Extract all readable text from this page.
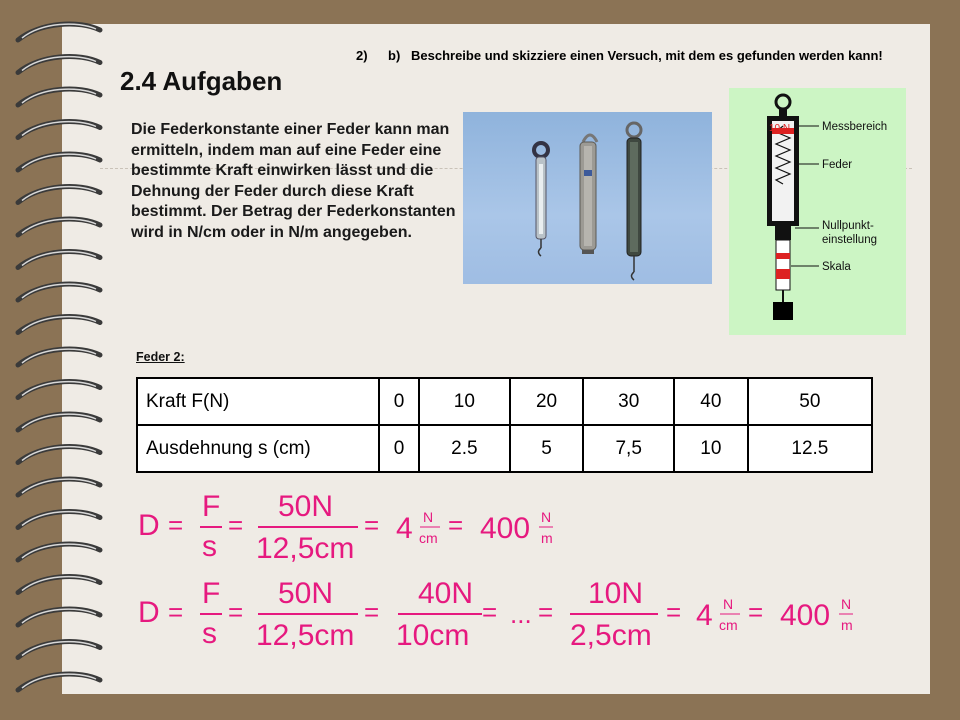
2) b) Beschreibe und skizziere einen Versuch, mit dem es gefunden werden kann!
2.4 Aufgaben
Die Federkonstante einer Feder kann man ermitteln, indem man auf eine Feder eine bestimmte Kraft einwirken lässt und die Dehnung der Feder durch diese Kraft bestimmt. Der Betrag der Federkonstanten wird in N/cm oder in N/m angegeben.
10 N	Messbereich
Feder
Nullpunkt-
einstellung
Skala
Feder 2:
Kraft F(N)	0	10	20	30	40	50
Ausdehnung s (cm)	0	2.5	5	7,5	10	12.5
D =
F
s
=
50N
12,5cm
= 4 N
cm = 400 N
m
D =
F
s
=
50N
12,5cm
=
40N
10cm
= ... =
10N
2,5cm
= 4 N
cm = 400 N
m
